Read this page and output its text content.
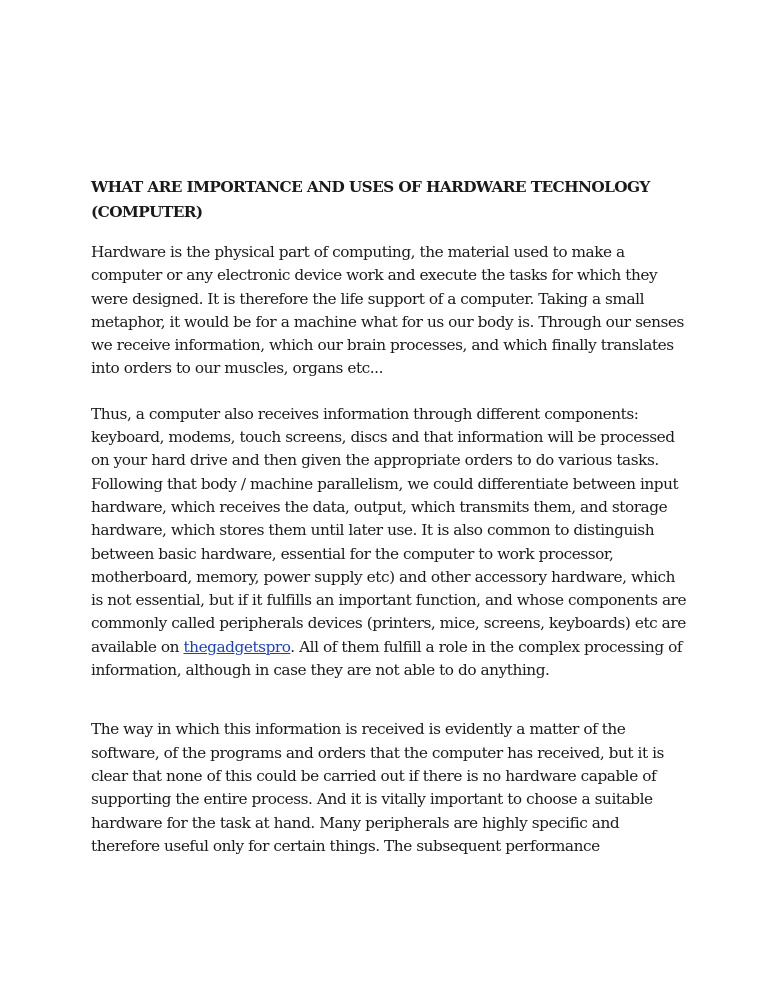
WHAT ARE IMPORTANCE AND USES OF HARDWARE TECHNOLOGY (COMPUTER)

Hardware is the physical part of computing, the material used to make a computer or any electronic device work and execute the tasks for which they were designed. It is therefore the life support of a computer. Taking a small metaphor, it would be for a machine what for us our body is. Through our senses we receive information, which our brain processes, and which finally translates into orders to our muscles, organs etc...

Thus, a computer also receives information through different components: keyboard, modems, touch screens, discs and that information will be processed on your hard drive and then given the appropriate orders to do various tasks. Following that body / machine parallelism, we could differentiate between input hardware, which receives the data, output, which transmits them, and storage hardware, which stores them until later use. It is also common to distinguish between basic hardware, essential for the computer to work processor, motherboard, memory, power supply etc) and other accessory hardware, which is not essential, but if it fulfills an important function, and whose components are commonly called peripherals devices (printers, mice, screens, keyboards) etc are available on thegadgetspro. All of them fulfill a role in the complex processing of information, although in case they are not able to do anything.

The way in which this information is received is evidently a matter of the software, of the programs and orders that the computer has received, but it is clear that none of this could be carried out if there is no hardware capable of supporting the entire process. And it is vitally important to choose a suitable hardware for the task at hand. Many peripherals are highly specific and therefore useful only for certain things. The subsequent performance
